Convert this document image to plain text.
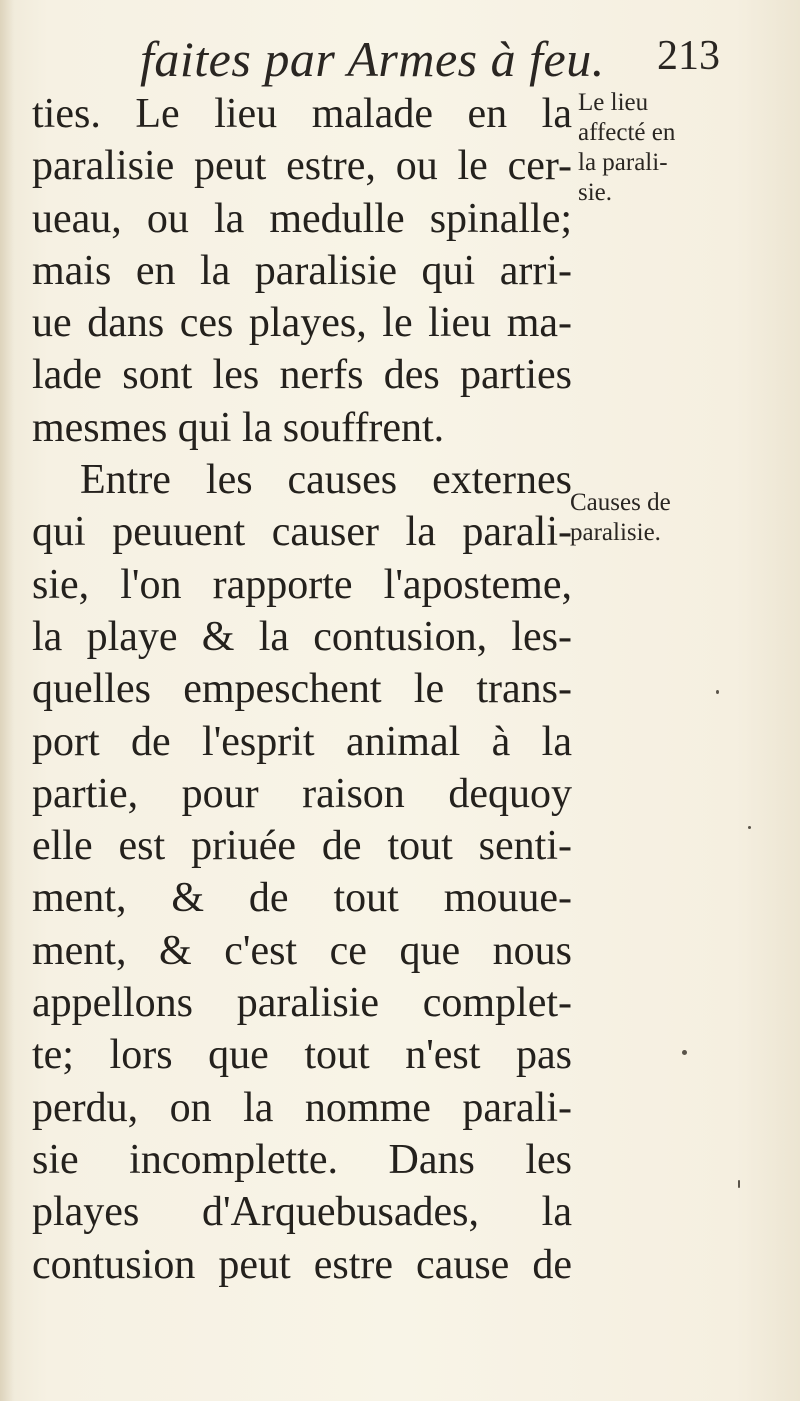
faites par Armes à feu. 213
ties. Le lieu malade en la
paralisie peut estre, ou le cer-
ueau, ou la medulle spinalle;
mais en la paralisie qui arri-
ue dans ces playes, le lieu ma-
lade sont les nerfs des parties
mesmes qui la souffrent.
Entre les causes externes
qui peuuent causer la parali-
sie, l'on rapporte l'aposteme,
la playe & la contusion, les-
quelles empeschent le trans-
port de l'esprit animal à la
partie, pour raison dequoy
elle est priuée de tout senti-
ment, & de tout mouue-
ment, & c'est ce que nous
appellons paralisie complet-
te; lors que tout n'est pas
perdu, on la nomme parali-
sie incomplette. Dans les
playes d'Arquebusades, la
contusion peut estre cause de
Le lieu
affecté en
la parali-
sie.
Causes de
paralisie.
